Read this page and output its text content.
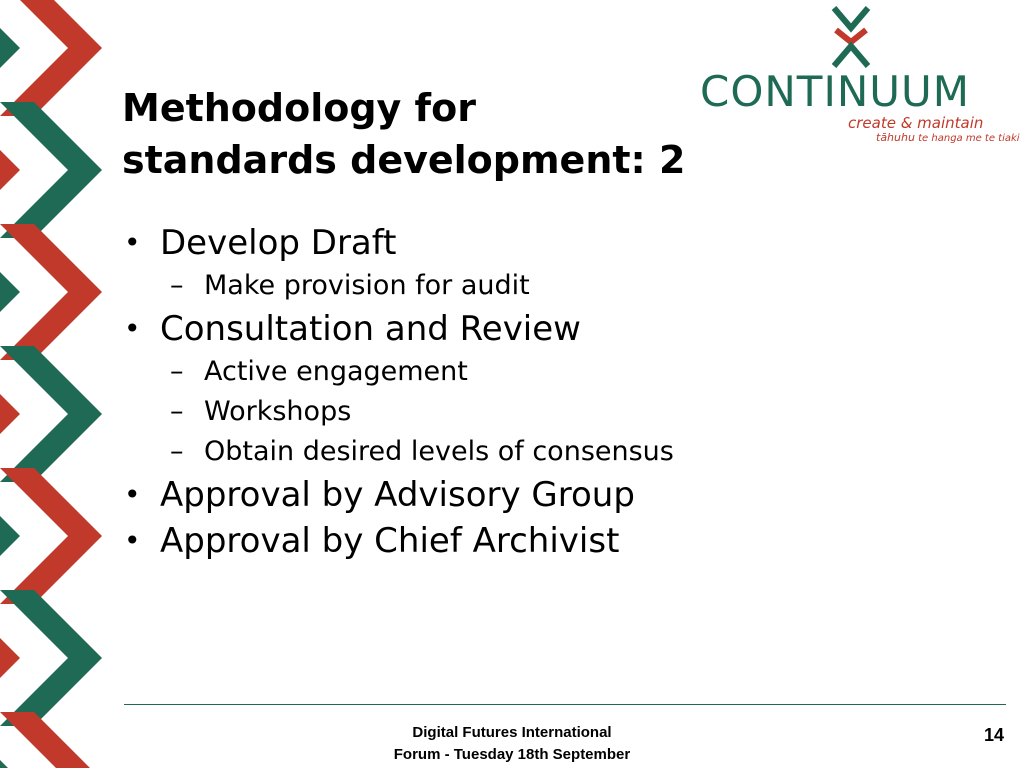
CONTINUUM
create & maintain
tāhuhu te hanga me te tiaki
Methodology for
standards development: 2
• Develop Draft
– Make provision for audit
• Consultation and Review
– Active engagement
– Workshops
– Obtain desired levels of consensus
• Approval by Advisory Group
• Approval by Chief Archivist
Digital Futures International
Forum - Tuesday 18th September
14
